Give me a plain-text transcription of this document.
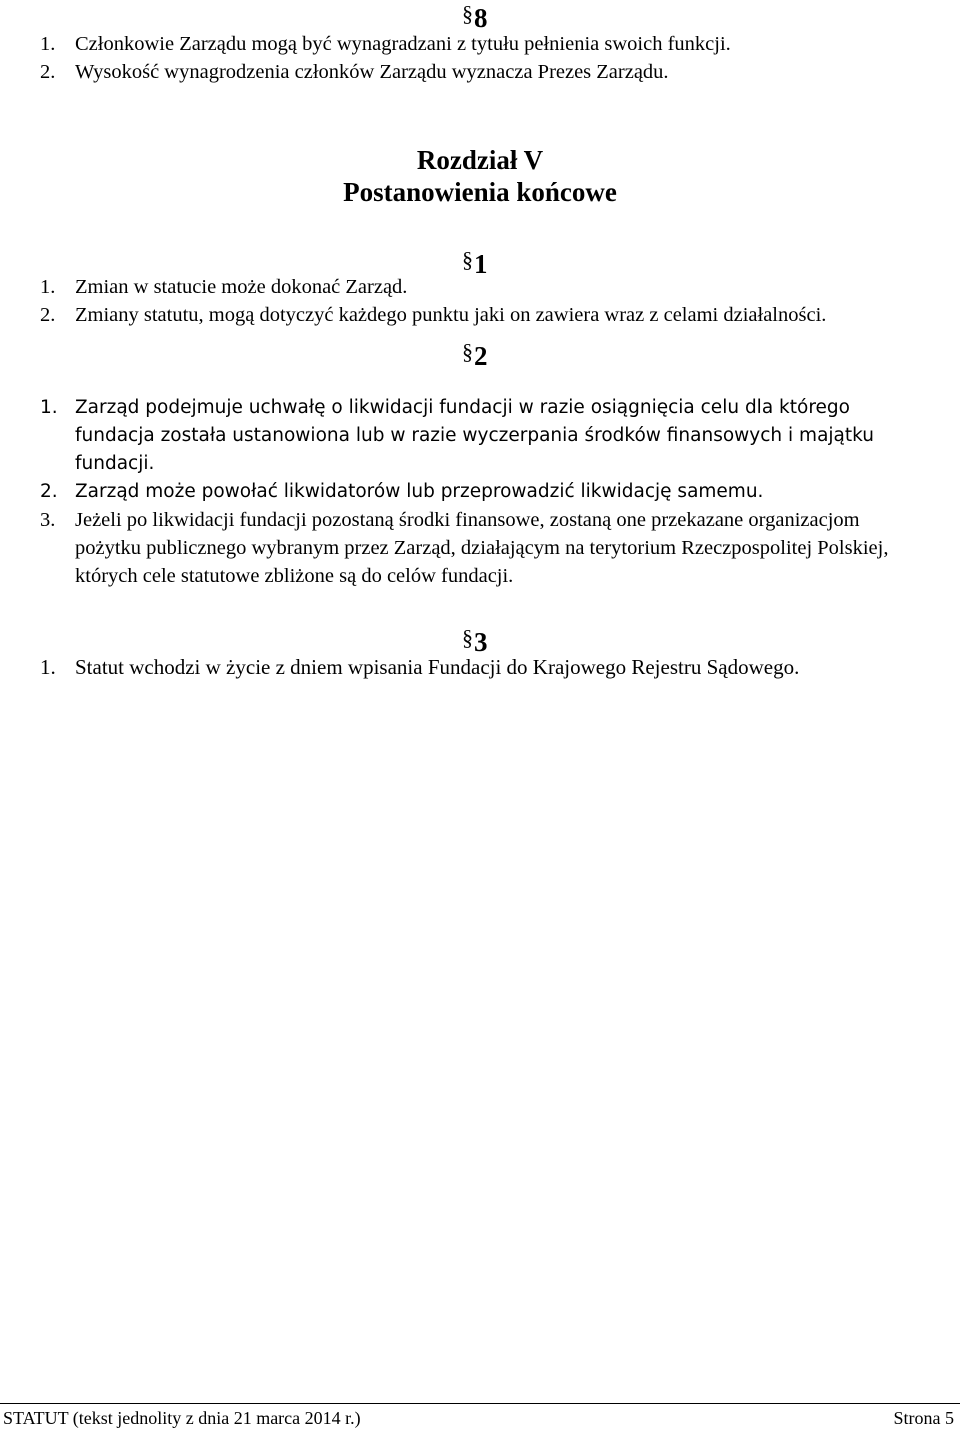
§8
1. Członkowie Zarządu mogą być wynagradzani z tytułu pełnienia swoich funkcji.
2. Wysokość wynagrodzenia członków Zarządu wyznacza Prezes Zarządu.
Rozdział V
Postanowienia końcowe
§1
1. Zmian w statucie może dokonać Zarząd.
2. Zmiany statutu, mogą dotyczyć każdego punktu jaki on zawiera wraz z celami działalności.
§2
1. Zarząd podejmuje uchwałę o likwidacji fundacji w razie osiągnięcia celu dla którego fundacja została ustanowiona lub w razie wyczerpania środków finansowych i majątku fundacji.
2. Zarząd może powołać likwidatorów lub przeprowadzić likwidację samemu.
3. Jeżeli po likwidacji fundacji pozostaną środki finansowe, zostaną one przekazane organizacjom pożytku publicznego wybranym przez Zarząd, działającym na terytorium Rzeczpospolitej Polskiej, których cele statutowe zbliżone są do celów fundacji.
§3
1. Statut wchodzi w życie z dniem wpisania Fundacji do Krajowego Rejestru Sądowego.
STATUT (tekst jednolity z dnia 21 marca 2014 r.)	Strona 5
